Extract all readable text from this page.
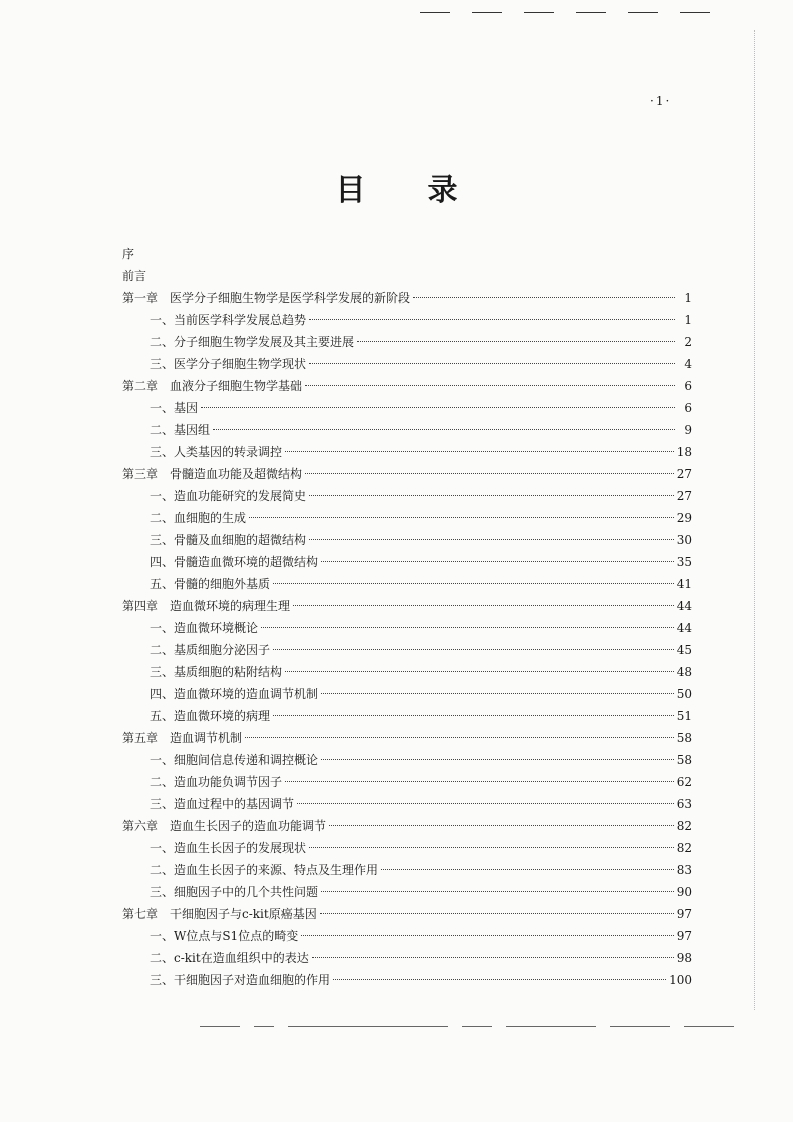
·1·
目录
序
前言
第一章　医学分子细胞生物学是医学科学发展的新阶段	1
一、当前医学科学发展总趋势	1
二、分子细胞生物学发展及其主要进展	2
三、医学分子细胞生物学现状	4
第二章　血液分子细胞生物学基础	6
一、基因	6
二、基因组	9
三、人类基因的转录调控	18
第三章　骨髓造血功能及超微结构	27
一、造血功能研究的发展简史	27
二、血细胞的生成	29
三、骨髓及血细胞的超微结构	30
四、骨髓造血微环境的超微结构	35
五、骨髓的细胞外基质	41
第四章　造血微环境的病理生理	44
一、造血微环境概论	44
二、基质细胞分泌因子	45
三、基质细胞的粘附结构	48
四、造血微环境的造血调节机制	50
五、造血微环境的病理	51
第五章　造血调节机制	58
一、细胞间信息传递和调控概论	58
二、造血功能负调节因子	62
三、造血过程中的基因调节	63
第六章　造血生长因子的造血功能调节	82
一、造血生长因子的发展现状	82
二、造血生长因子的来源、特点及生理作用	83
三、细胞因子中的几个共性问题	90
第七章　干细胞因子与c-kit原癌基因	97
一、W位点与S1位点的畸变	97
二、c-kit在造血组织中的表达	98
三、干细胞因子对造血细胞的作用	100
